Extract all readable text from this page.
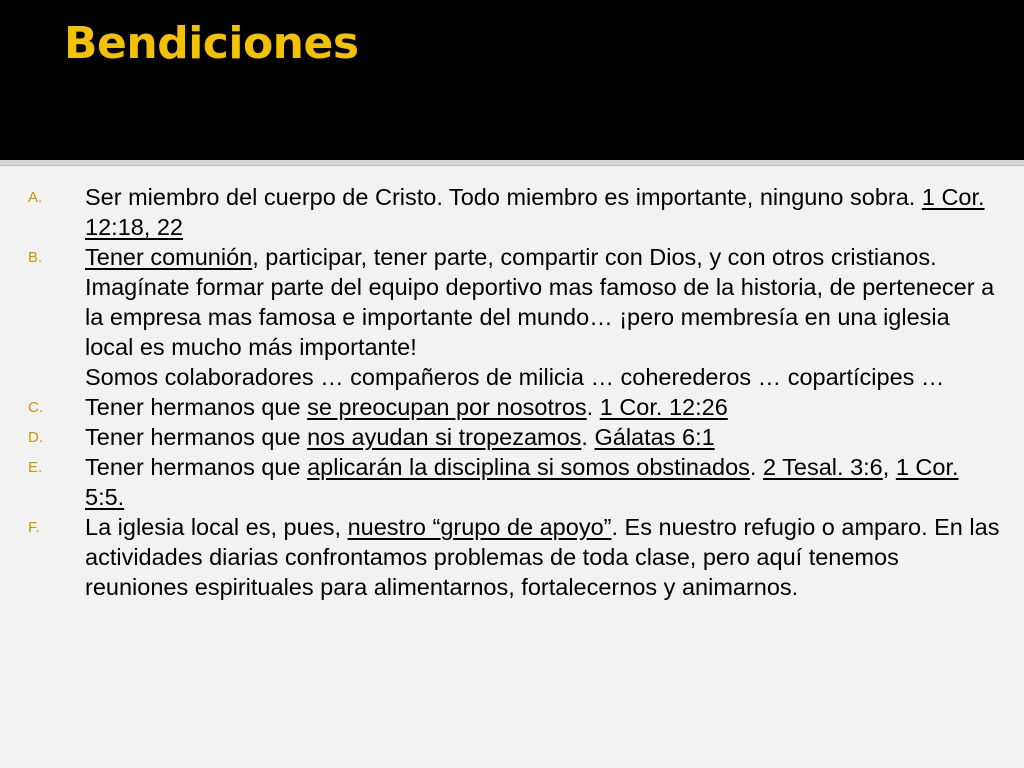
Bendiciones
A. Ser miembro del cuerpo de Cristo. Todo miembro es importante, ninguno sobra. 1 Cor. 12:18, 22

B. Tener comunión, participar, tener parte, compartir con Dios, y con otros cristianos.

Imagínate formar parte del equipo deportivo mas famoso de la historia, de pertenecer a la empresa mas famosa e importante del mundo… ¡pero membresía en una iglesia local es mucho más importante!

Somos colaboradores … compañeros de milicia … coherederos … copartícipes …

C. Tener hermanos que se preocupan por nosotros. 1 Cor. 12:26

D. Tener hermanos que nos ayudan si tropezamos. Gálatas 6:1

E. Tener hermanos que aplicarán la disciplina si somos obstinados. 2 Tesal. 3:6, 1 Cor. 5:5.

F. La iglesia local es, pues, nuestro “grupo de apoyo”. Es nuestro refugio o amparo. En las actividades diarias confrontamos problemas de toda clase, pero aquí tenemos reuniones espirituales para alimentarnos, fortalecernos y animarnos.
